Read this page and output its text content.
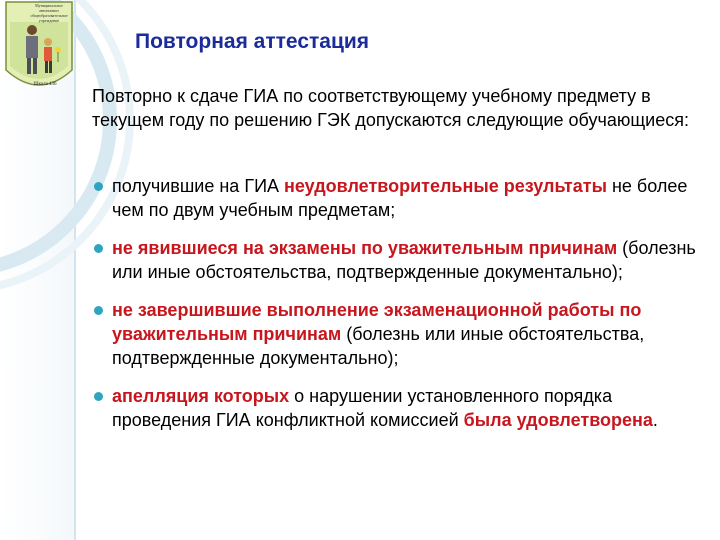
Муниципальное автономное общеобразовательное учреждение
Школа 436
Повторная аттестация
Повторно к сдаче ГИА по соответствующему учебному предмету в текущем году по решению ГЭК допускаются следующие обучающиеся:
получившие на ГИА неудовлетворительные результаты не более чем по двум учебным предметам;
не явившиеся на экзамены по уважительным причинам (болезнь или иные обстоятельства, подтвержденные документально);
не завершившие выполнение экзаменационной работы по уважительным причинам (болезнь или иные обстоятельства, подтвержденные документально);
апелляция которых о нарушении установленного порядка проведения ГИА конфликтной комиссией была удовлетворена.
